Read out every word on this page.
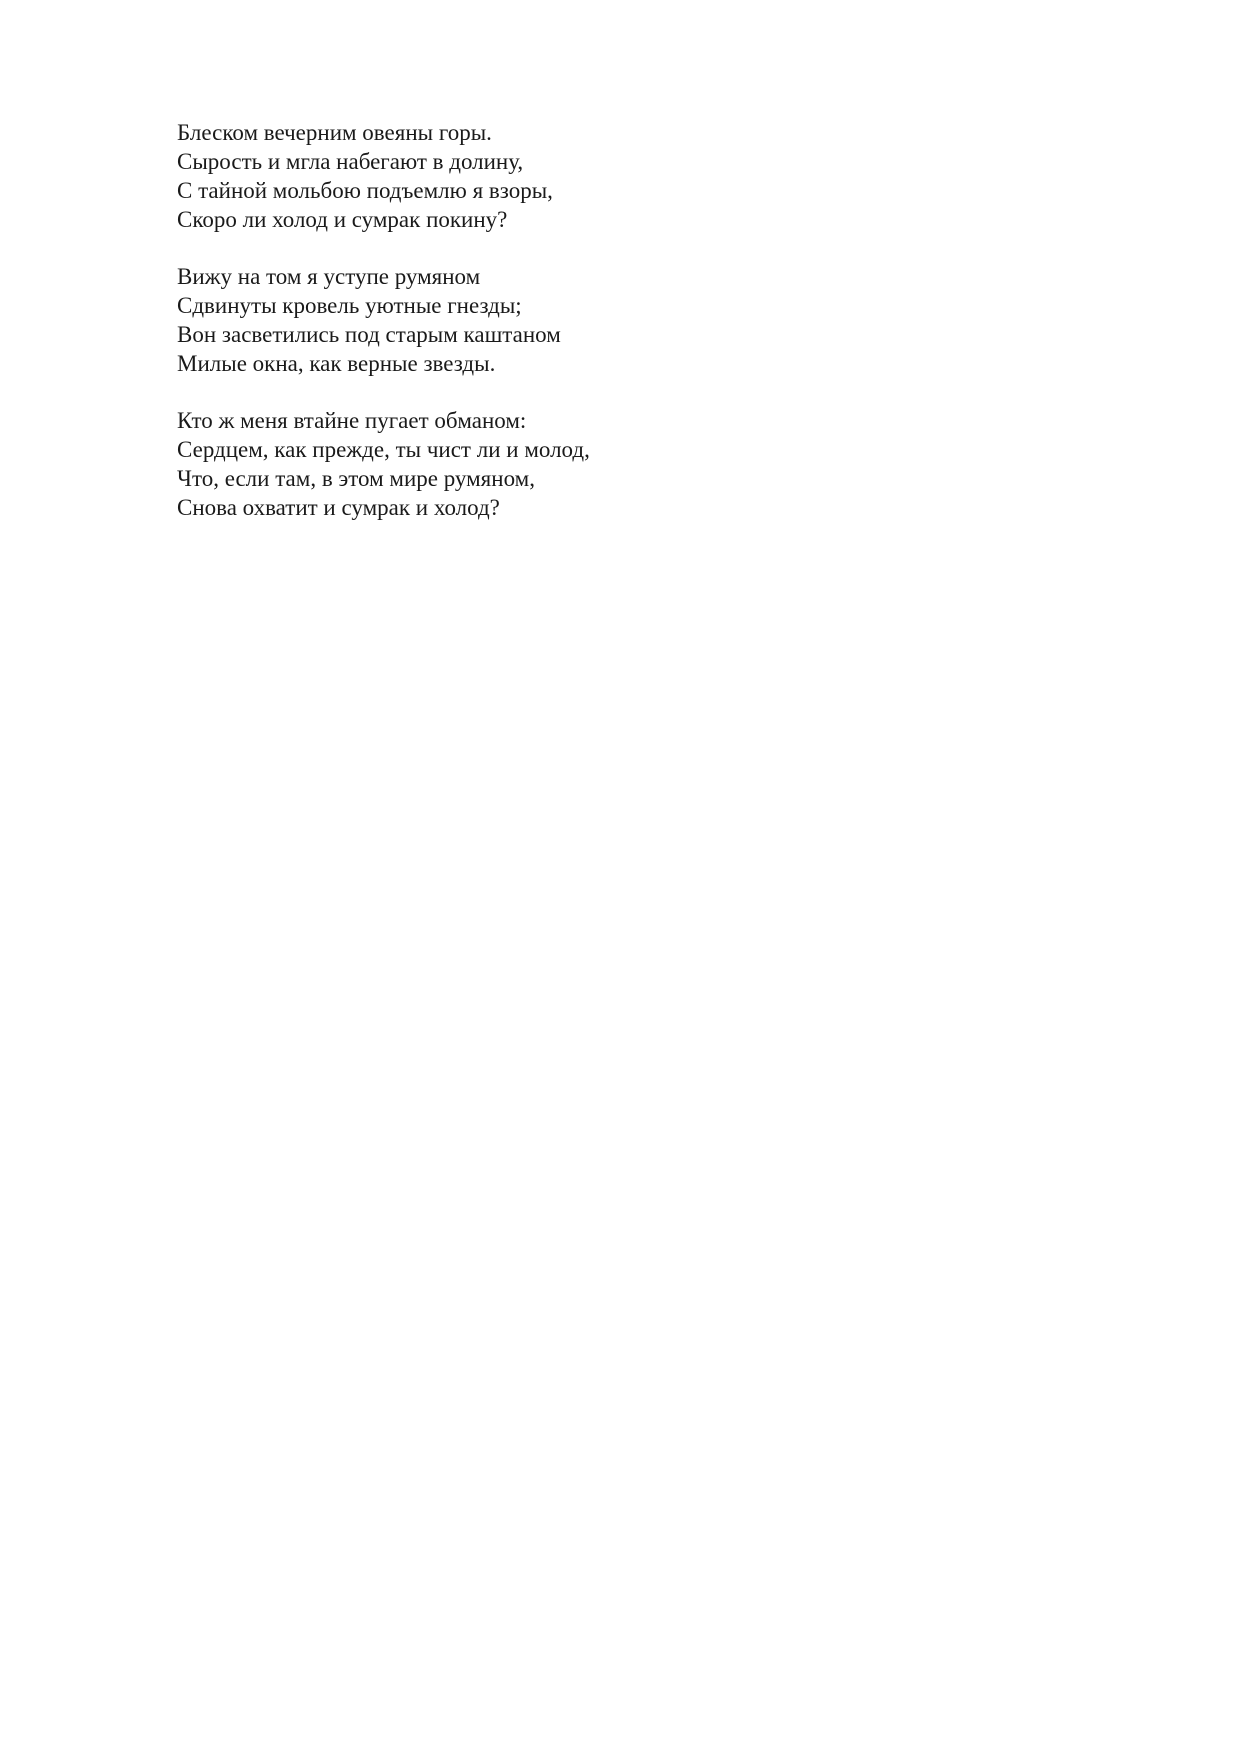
Блеском вечерним овеяны горы.
Сырость и мгла набегают в долину,
С тайной мольбою подъемлю я взоры,
Скоро ли холод и сумрак покину?
Вижу на том я уступе румяном
Сдвинуты кровель уютные гнезды;
Вон засветились под старым каштаном
Милые окна, как верные звезды.
Кто ж меня втайне пугает обманом:
Сердцем, как прежде, ты чист ли и молод,
Что, если там, в этом мире румяном,
Снова охватит и сумрак и холод?
